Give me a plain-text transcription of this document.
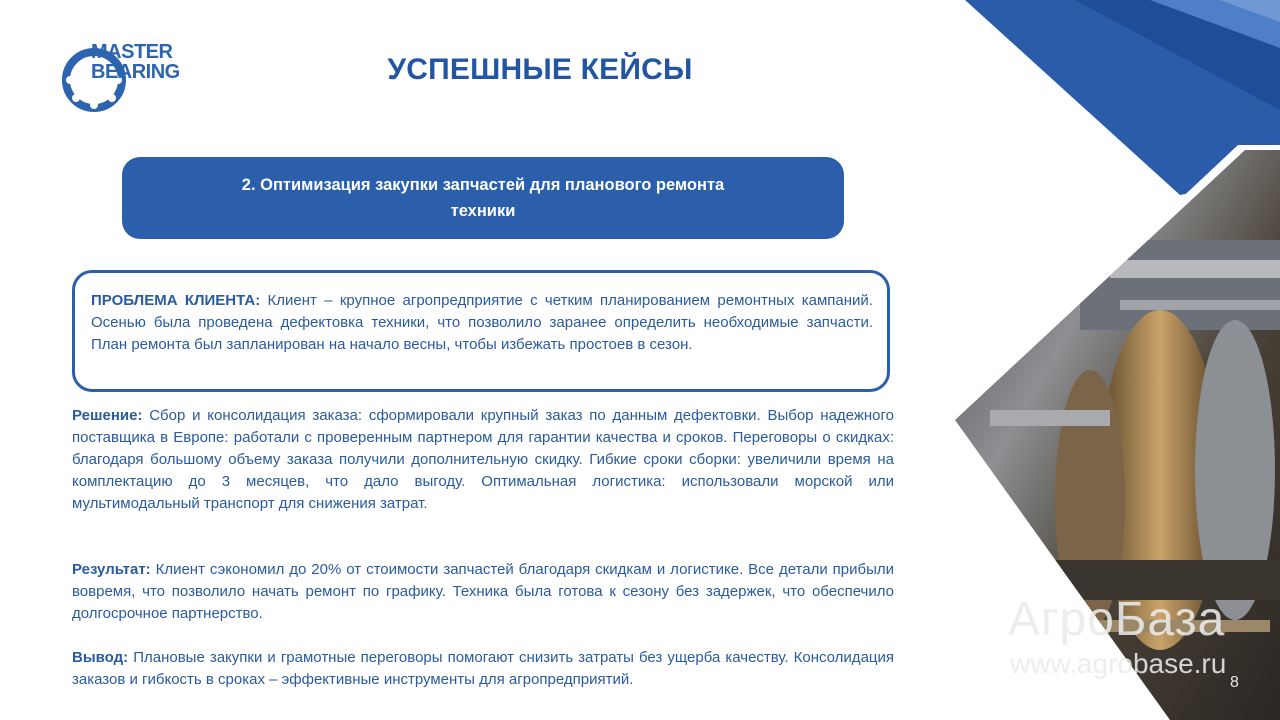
MASTER
BEARING	УСПЕШНЫЕ КЕЙСЫ
2. Оптимизация закупки запчастей для планового ремонта техники
ПРОБЛЕМА КЛИЕНТА: Клиент – крупное агропредприятие с четким планированием ремонтных кампаний. Осенью была проведена дефектовка техники, что позволило заранее определить необходимые запчасти. План ремонта был запланирован на начало весны, чтобы избежать простоев в сезон.
Решение: Сбор и консолидация заказа: сформировали крупный заказ по данным дефектовки. Выбор надежного поставщика в Европе: работали с проверенным партнером для гарантии качества и сроков. Переговоры о скидках: благодаря большому объему заказа получили дополнительную скидку. Гибкие сроки сборки: увеличили время на комплектацию до 3 месяцев, что дало выгоду. Оптимальная логистика: использовали морской или мультимодальный транспорт для снижения затрат.
Результат: Клиент сэкономил до 20% от стоимости запчастей благодаря скидкам и логистике. Все детали прибыли вовремя, что позволило начать ремонт по графику. Техника была готова к сезону без задержек, что обеспечило долгосрочное партнерство.
Вывод: Плановые закупки и грамотные переговоры помогают снизить затраты без ущерба качеству. Консолидация заказов и гибкость в сроках – эффективные инструменты для агропредприятий.
АгроБаза
www.agrobase.ru
8
